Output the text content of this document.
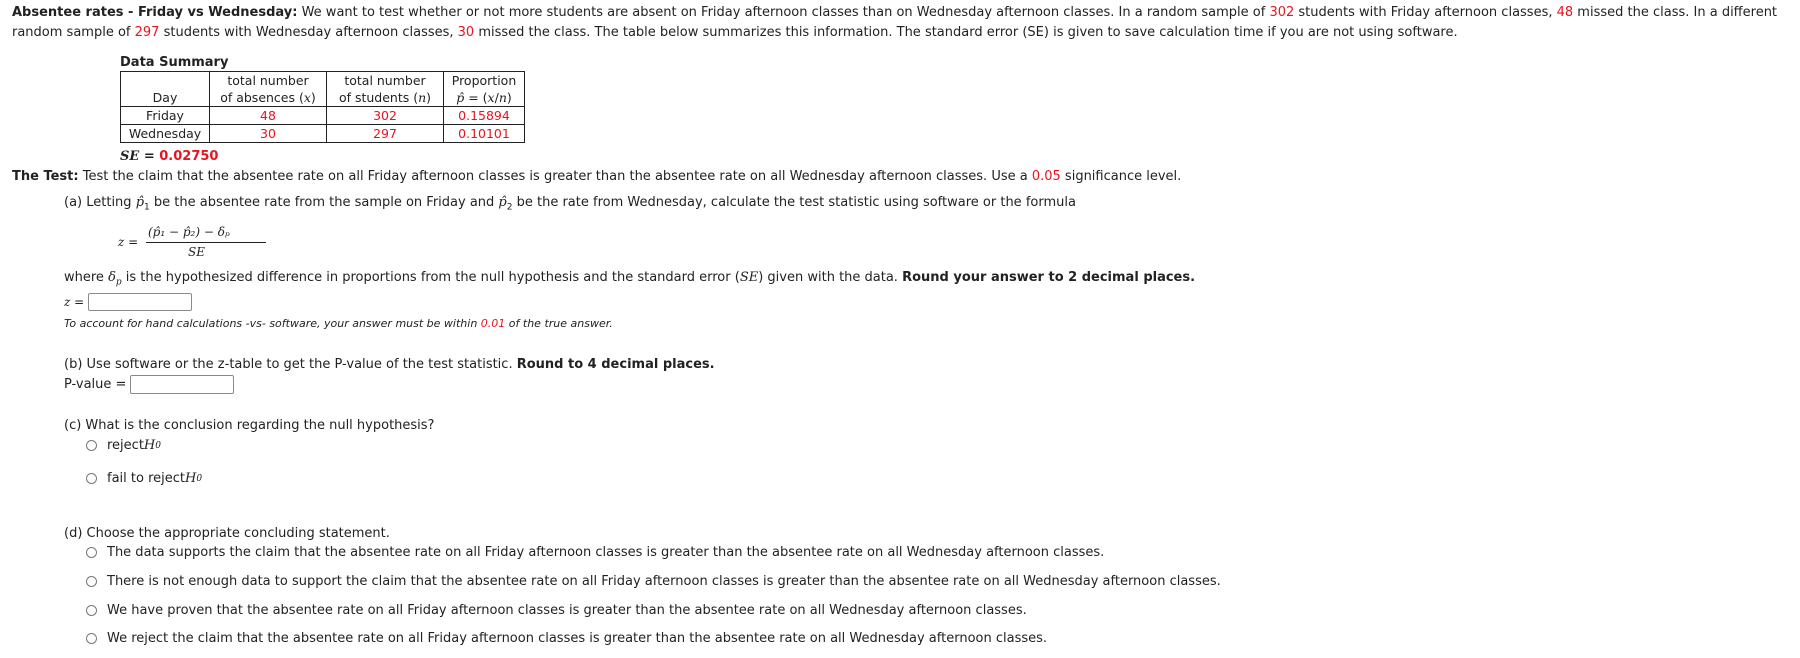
Absentee rates - Friday vs Wednesday: We want to test whether or not more students are absent on Friday afternoon classes than on Wednesday afternoon classes. In a random sample of 302 students with Friday afternoon classes, 48 missed the class. In a different random sample of 297 students with Wednesday afternoon classes, 30 missed the class. The table below summarizes this information. The standard error (SE) is given to save calculation time if you are not using software.
Data Summary
	total number	total number	Proportion
Day	of absences (x)	of students (n)	p̂ = (x/n)
Friday	48	302	0.15894
Wednesday	30	297	0.10101
SE = 0.02750
The Test: Test the claim that the absentee rate on all Friday afternoon classes is greater than the absentee rate on all Wednesday afternoon classes. Use a 0.05 significance level.
(a) Letting $p̂_1$ be the absentee rate from the sample on Friday and $p̂_2$ be the rate from Wednesday, calculate the test statistic using software or the formula
z =
(p̂₁ − p̂₂) − δₚ
SE
where $\delta_p$ is the hypothesized difference in proportions from the null hypothesis and the standard error (SE) given with the data. Round your answer to 2 decimal places.
z =
To account for hand calculations -vs- software, your answer must be within 0.01 of the true answer.
(b) Use software or the z-table to get the P-value of the test statistic. Round to 4 decimal places.
P-value =
(c) What is the conclusion regarding the null hypothesis?
reject H 0
fail to reject H 0
(d) Choose the appropriate concluding statement.
The data supports the claim that the absentee rate on all Friday afternoon classes is greater than the absentee rate on all Wednesday afternoon classes.
There is not enough data to support the claim that the absentee rate on all Friday afternoon classes is greater than the absentee rate on all Wednesday afternoon classes.
We have proven that the absentee rate on all Friday afternoon classes is greater than the absentee rate on all Wednesday afternoon classes.
We reject the claim that the absentee rate on all Friday afternoon classes is greater than the absentee rate on all Wednesday afternoon classes.
